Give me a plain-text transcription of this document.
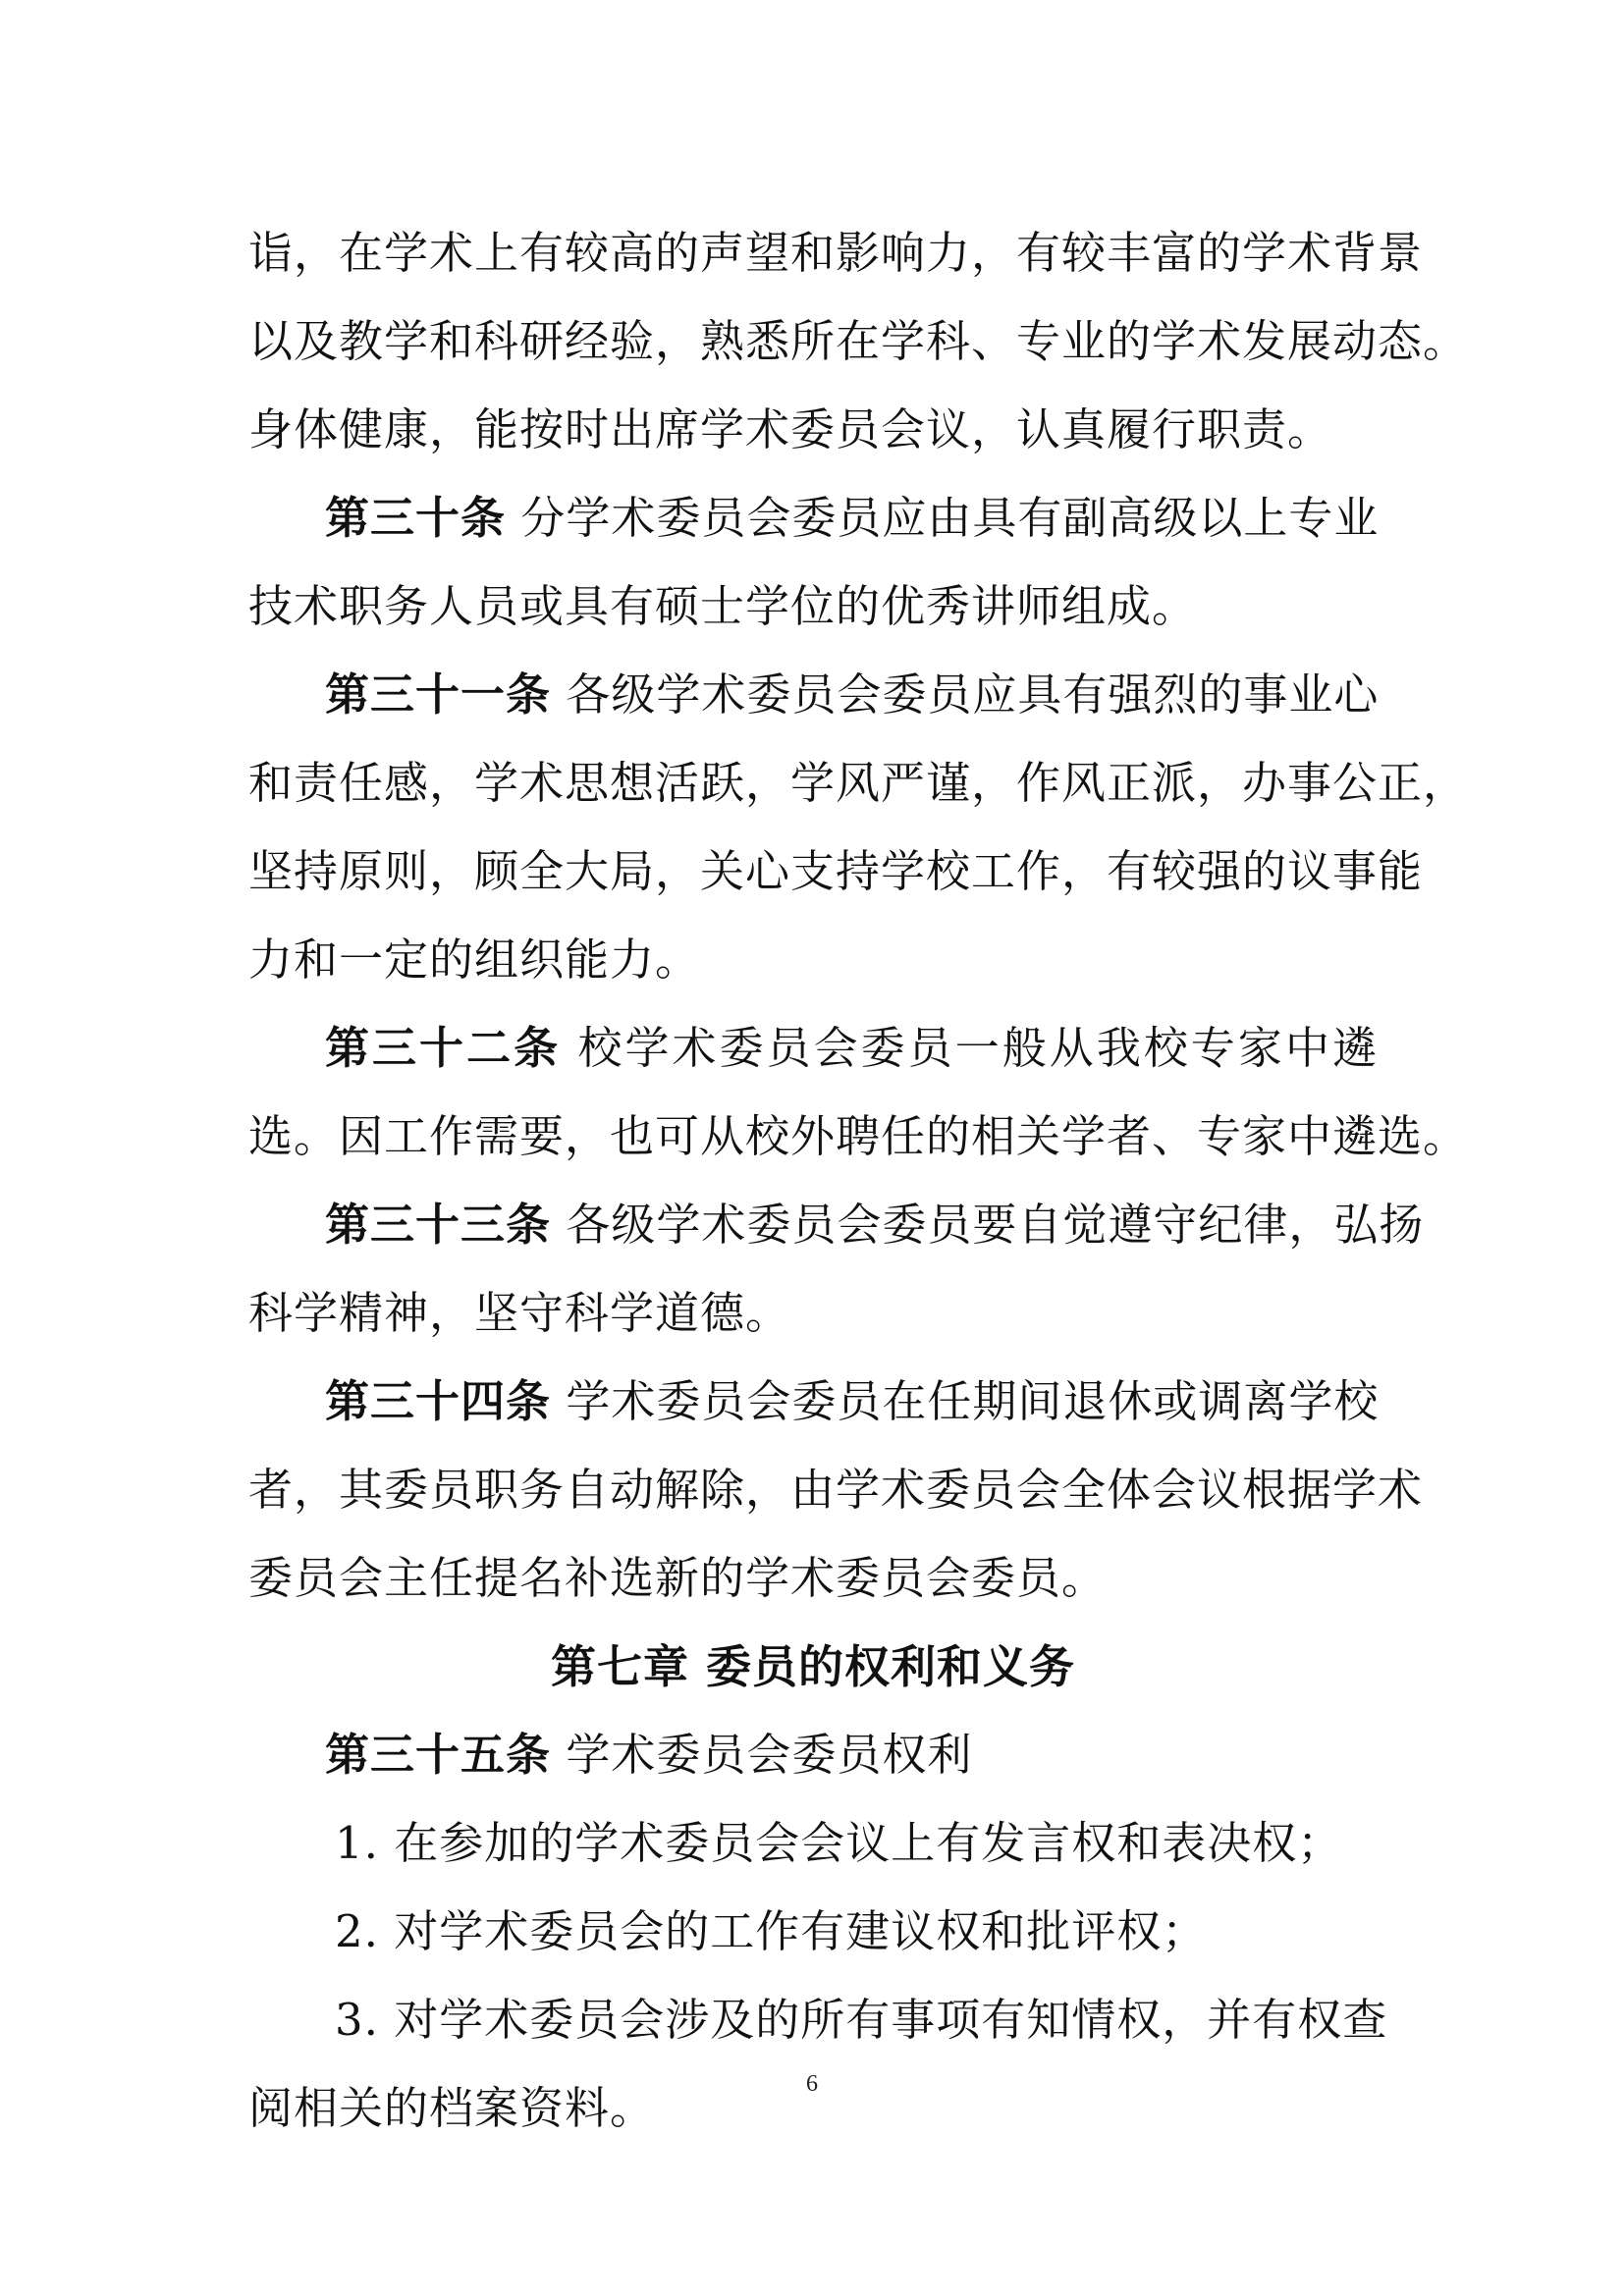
诣，在学术上有较高的声望和影响力，有较丰富的学术背景
以及教学和科研经验，熟悉所在学科、专业的学术发展动态。
身体健康，能按时出席学术委员会议，认真履行职责。
第三十条 分学术委员会委员应由具有副高级以上专业
技术职务人员或具有硕士学位的优秀讲师组成。
第三十一条 各级学术委员会委员应具有强烈的事业心
和责任感，学术思想活跃，学风严谨，作风正派，办事公正，
坚持原则，顾全大局，关心支持学校工作，有较强的议事能
力和一定的组织能力。
第三十二条 校学术委员会委员一般从我校专家中遴
选。因工作需要，也可从校外聘任的相关学者、专家中遴选。
第三十三条 各级学术委员会委员要自觉遵守纪律，弘扬
科学精神，坚守科学道德。
第三十四条 学术委员会委员在任期间退休或调离学校
者，其委员职务自动解除，由学术委员会全体会议根据学术
委员会主任提名补选新的学术委员会委员。
第七章 委员的权利和义务
第三十五条 学术委员会委员权利
1. 在参加的学术委员会会议上有发言权和表决权；
2. 对学术委员会的工作有建议权和批评权；
3. 对学术委员会涉及的所有事项有知情权，并有权查
阅相关的档案资料。	6
